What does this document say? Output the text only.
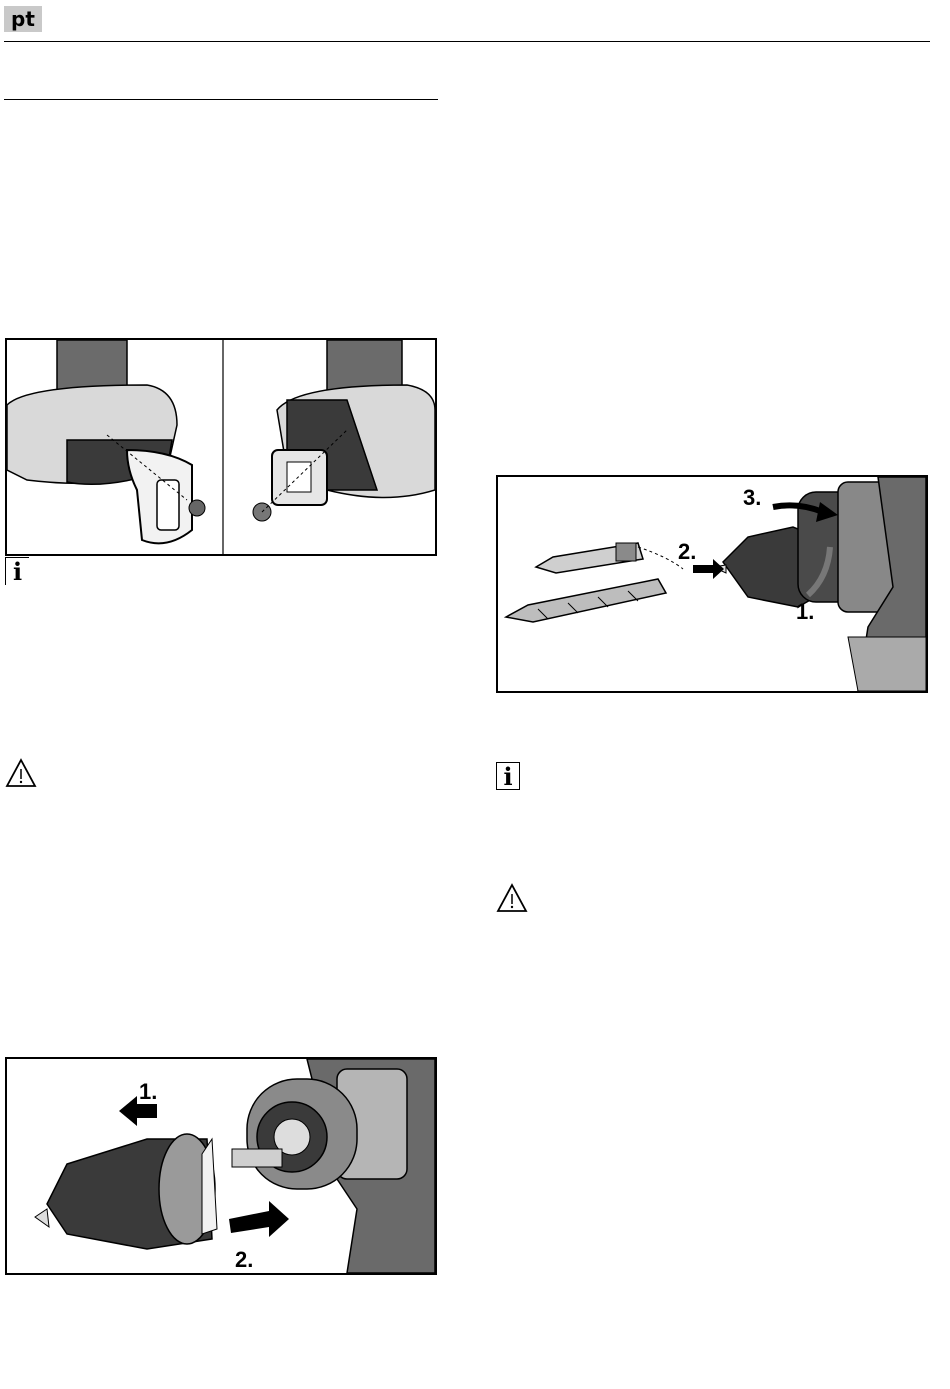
pt
i
3.
2.
1.
i
1.
2.
